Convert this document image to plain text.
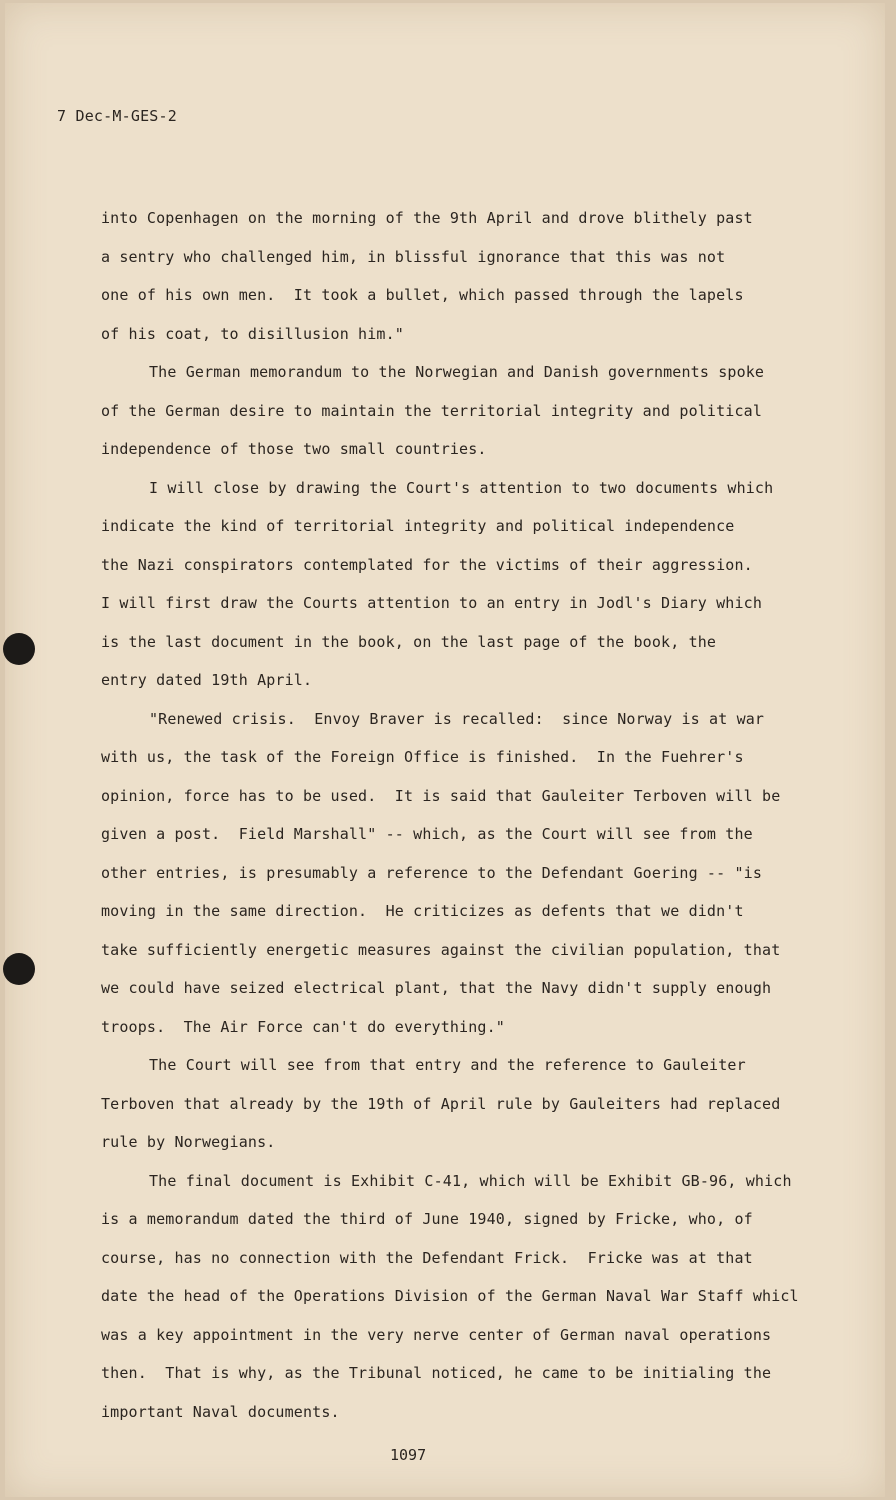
7 Dec-M-GES-2
into Copenhagen on the morning of the 9th April and drove blithely past
a sentry who challenged him, in blissful ignorance that this was not
one of his own men.  It took a bullet, which passed through the lapels
of his coat, to disillusion him."
The German memorandum to the Norwegian and Danish governments spoke
of the German desire to maintain the territorial integrity and political
independence of those two small countries.
I will close by drawing the Court's attention to two documents which
indicate the kind of territorial integrity and political independence
the Nazi conspirators contemplated for the victims of their aggression.
I will first draw the Courts attention to an entry in Jodl's Diary which
is the last document in the book, on the last page of the book, the
entry dated 19th April.
"Renewed crisis.  Envoy Braver is recalled:  since Norway is at war
with us, the task of the Foreign Office is finished.  In the Fuehrer's
opinion, force has to be used.  It is said that Gauleiter Terboven will be
given a post.  Field Marshall" -- which, as the Court will see from the
other entries, is presumably a reference to the Defendant Goering -- "is
moving in the same direction.  He criticizes as defents that we didn't
take sufficiently energetic measures against the civilian population, that
we could have seized electrical plant, that the Navy didn't supply enough
troops.  The Air Force can't do everything."
The Court will see from that entry and the reference to Gauleiter
Terboven that already by the 19th of April rule by Gauleiters had replaced
rule by Norwegians.
The final document is Exhibit C-41, which will be Exhibit GB-96, which
is a memorandum dated the third of June 1940, signed by Fricke, who, of
course, has no connection with the Defendant Frick.  Fricke was at that
date the head of the Operations Division of the German Naval War Staff whicl
was a key appointment in the very nerve center of German naval operations
then.  That is why, as the Tribunal noticed, he came to be initialing the
important Naval documents.
1097
